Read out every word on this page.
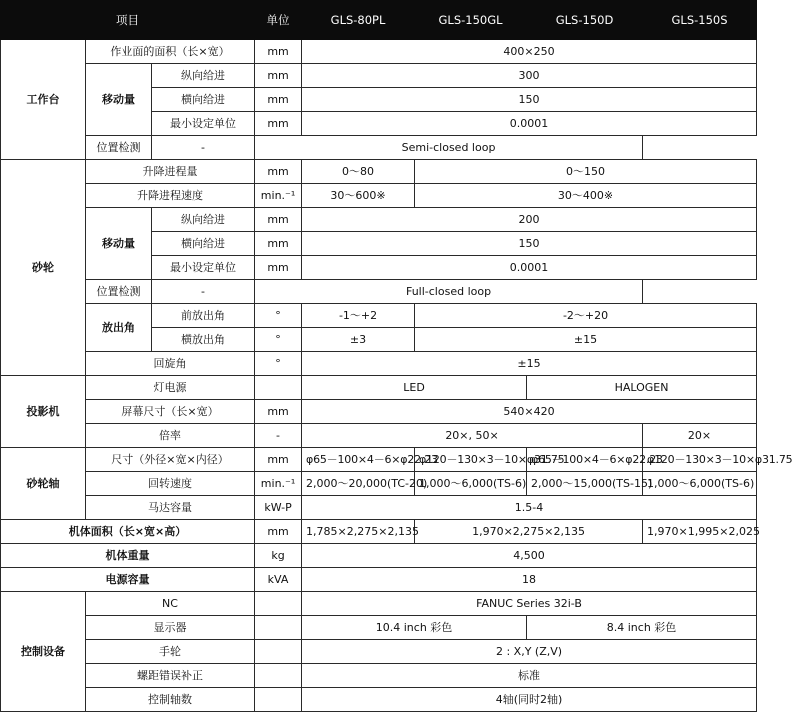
项目			单位	GLS-80PL	GLS-150GL	GLS-150D	GLS-150S
工作台	作业面的面积（长×宽）		mm	400×250			
	移动量	纵向给进	mm	300			
		横向给进	mm	150			
		最小设定单位	mm	0.0001			
	位置检测	-	Semi-closed loop				
砂轮	升降进程量		mm	0～80	0～150		
	升降进程速度		min.⁻¹	30～600※	30～400※		
	移动量	纵向给进	mm	200			
		横向给进	mm	150			
		最小设定单位	mm	0.0001			
	位置检测	-	Full-closed loop				
	放出角	前放出角	°	-1～+2	-2～+20		
		横放出角	°	±3	±15		
	回旋角		°	±15			
投影机	灯电源			LED		HALOGEN	
	屏幕尺寸（长×宽）		mm	540×420			
	倍率		-	20×, 50×			20×
砂轮轴	尺寸（外径×宽×内径）		mm	φ65－100×4－6×φ22.23	φ120－130×3－10×φ31.75	φ65－100×4－6×φ22.23	φ120－130×3－10×φ31.75
	回转速度		min.⁻¹	2,000～20,000(TC-20)	1,000～6,000(TS-6)	2,000～15,000(TS-15)	1,000～6,000(TS-6)
	马达容量		kW-P	1.5-4			
机体面积（长×宽×高）			mm	1,785×2,275×2,135	1,970×2,275×2,135		1,970×1,995×2,025
机体重量			kg	4,500			
电源容量			kVA	18			
控制设备	NC			FANUC Series 32i-B			
	显示器			10.4 inch 彩色		8.4 inch 彩色	
	手轮			2 : X,Y (Z,V)			
	螺距错误补正			标准			
	控制轴数			4轴(同时2轴)			
